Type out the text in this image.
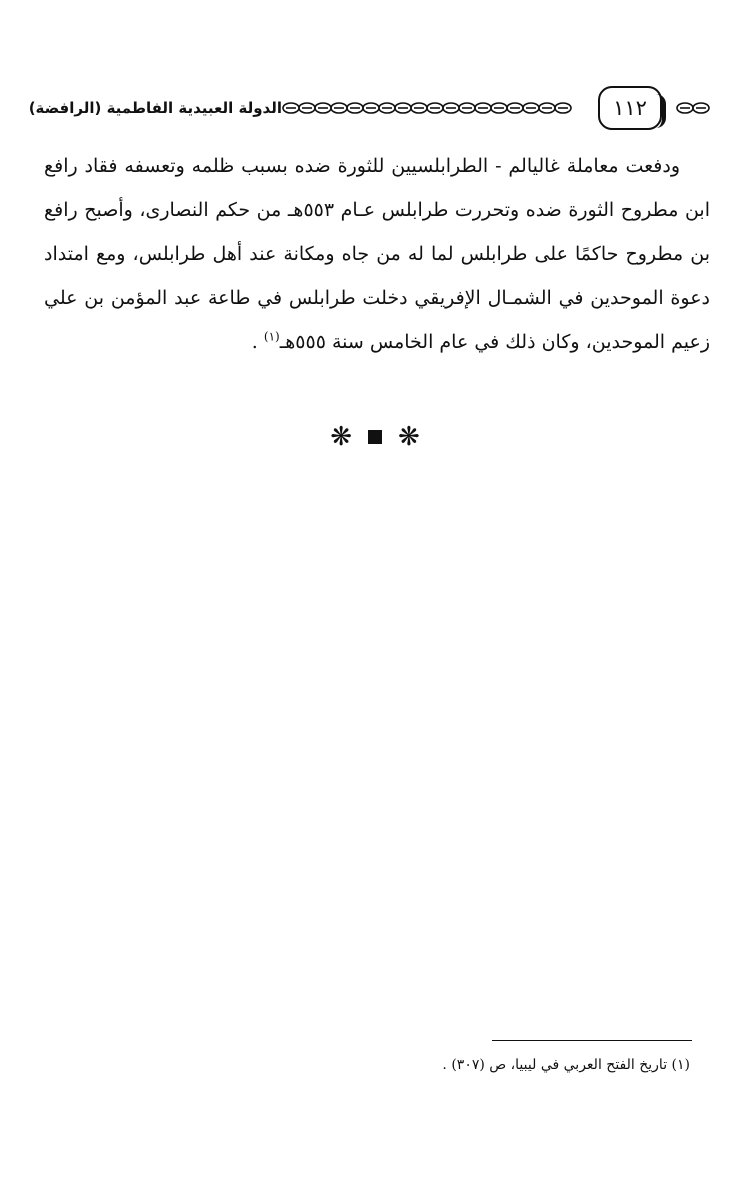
١١٢
الدولة العبيدية الفاطمية (الرافضة)

ودفعت معاملة غاليالم - الطرابلسيين للثورة ضده بسبب ظلمه وتعسفه فقاد رافع ابن مطروح الثورة ضده وتحررت طرابلس عـام ٥٥٣هـ من حكم النصارى، وأصبح رافع بن مطروح حاكمًا على طرابلس لما له من جاه ومكانة عند أهل طرابلس، ومع امتداد دعوة الموحدين في الشمـال الإفريقي دخلت طرابلس في طاعة عبد المؤمن بن علي زعيم الموحدين، وكان ذلك في عام الخامس سنة ٥٥٥هـ$^{(١)}$ .

❋ ❋

(١) تاريخ الفتح العربي في ليبيا، ص (٣٠٧) .
